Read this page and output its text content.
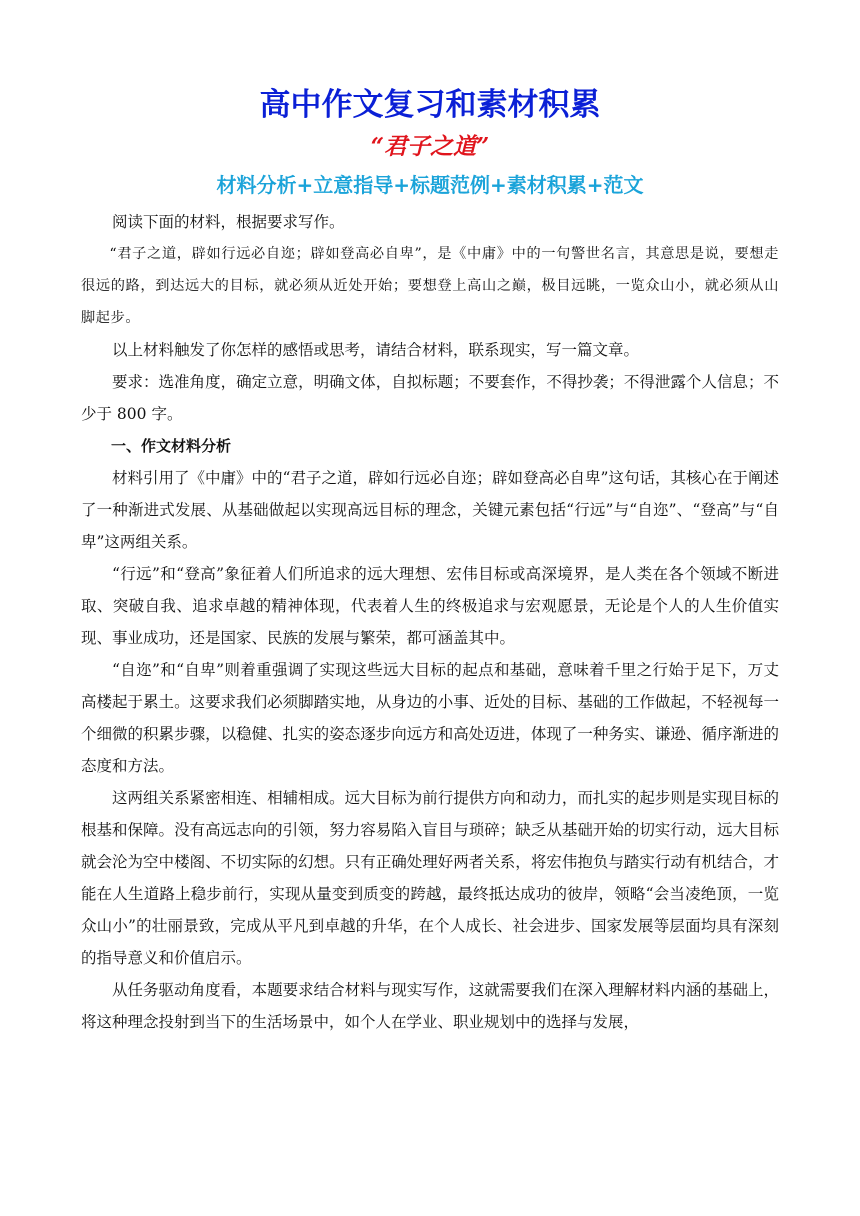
高中作文复习和素材积累
“君子之道”
材料分析+立意指导+标题范例+素材积累+范文

阅读下面的材料，根据要求写作。

“君子之道，辟如行远必自迩；辟如登高必自卑”，是《中庸》中的一句警世名言，其意思是说，要想走很远的路，到达远大的目标，就必须从近处开始；要想登上高山之巅，极目远眺，一览众山小，就必须从山脚起步。

以上材料触发了你怎样的感悟或思考，请结合材料，联系现实，写一篇文章。

要求：选准角度，确定立意，明确文体，自拟标题；不要套作，不得抄袭；不得泄露个人信息；不少于 800 字。

一、作文材料分析

材料引用了《中庸》中的“君子之道，辟如行远必自迩；辟如登高必自卑”这句话，其核心在于阐述了一种渐进式发展、从基础做起以实现高远目标的理念，关键元素包括“行远”与“自迩”、“登高”与“自卑”这两组关系。

“行远”和“登高”象征着人们所追求的远大理想、宏伟目标或高深境界，是人类在各个领域不断进取、突破自我、追求卓越的精神体现，代表着人生的终极追求与宏观愿景，无论是个人的人生价值实现、事业成功，还是国家、民族的发展与繁荣，都可涵盖其中。

“自迩”和“自卑”则着重强调了实现这些远大目标的起点和基础，意味着千里之行始于足下，万丈高楼起于累土。这要求我们必须脚踏实地，从身边的小事、近处的目标、基础的工作做起，不轻视每一个细微的积累步骤，以稳健、扎实的姿态逐步向远方和高处迈进，体现了一种务实、谦逊、循序渐进的态度和方法。

这两组关系紧密相连、相辅相成。远大目标为前行提供方向和动力，而扎实的起步则是实现目标的根基和保障。没有高远志向的引领，努力容易陷入盲目与琐碎；缺乏从基础开始的切实行动，远大目标就会沦为空中楼阁、不切实际的幻想。只有正确处理好两者关系，将宏伟抱负与踏实行动有机结合，才能在人生道路上稳步前行，实现从量变到质变的跨越，最终抵达成功的彼岸，领略“会当凌绝顶，一览众山小”的壮丽景致，完成从平凡到卓越的升华，在个人成长、社会进步、国家发展等层面均具有深刻的指导意义和价值启示。

从任务驱动角度看，本题要求结合材料与现实写作，这就需要我们在深入理解材料内涵的基础上，将这种理念投射到当下的生活场景中，如个人在学业、职业规划中的选择与发展，
